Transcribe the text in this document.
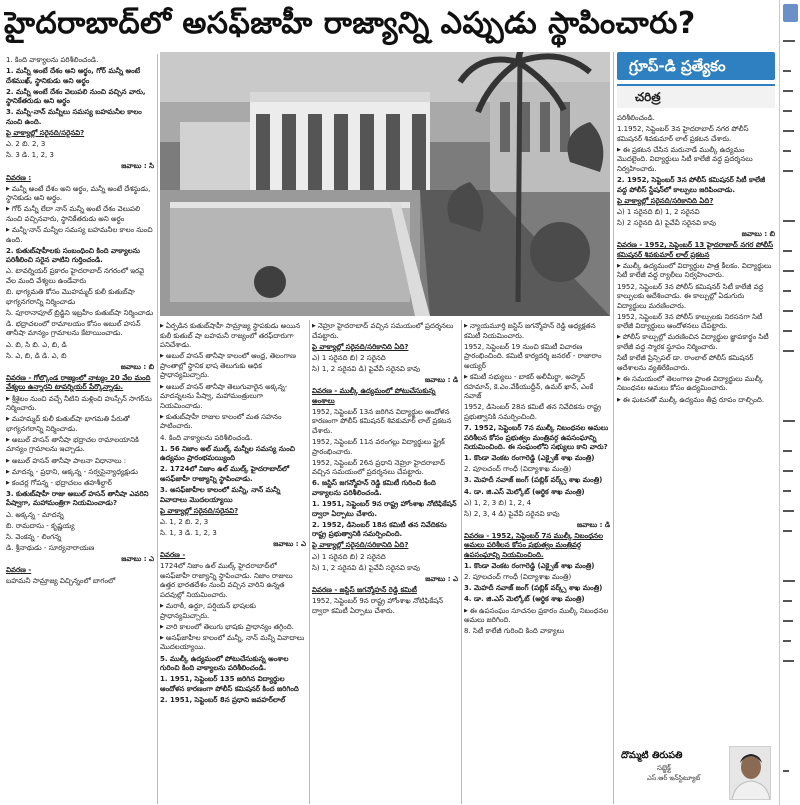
హైదరాబాద్‌లో అసఫ్‌జాహీ రాజ్యాన్ని ఎప్పుడు స్థాపించారు?

1. కింది వాక్యాలను పరిశీలించండి.

1. మన్నీ అంటే దేశం అని అర్థం, గోర్ మన్నీ అంటే దేశముఖ్, స్థానికుడు అని అర్థం

2. మన్నీ అంటే దేశం వెలుపలి నుంచి వచ్చిన వారు, స్థానికేతరుడు అని అర్థం

3. మన్నీ-నాన్ మన్నీలు సమస్య బహమనీల కాలం నుంచి ఉంది.

పై వాక్యాల్లో సరైనది/సరైనవి?

ఎ. 2 బి. 2, 3

సి. 3 డి. 1, 2, 3

జవాబు : సి

వివరణ :

▶ మన్నీ అంటే దేశం అని అర్థం, మన్నీ అంటే దేశస్థుడు, స్థానికుడు అని అర్థం.

▶ గోర్ మన్నీ లేదా నాన్ మన్నీ అంటే దేశం వెలుపలి నుంచి వచ్చినవారు, స్థానికేతరుడు అని అర్థం

▶ మన్నీ-నాన్ మన్నీల సమస్య బహమనీల కాలం నుంచి ఉంది.

2. కుతుబ్‌షాహీలకు సంబంధించి కింది వాక్యాలను పరిశీలించి సరైన వాటిని గుర్తించండి.

ఎ. టావర్నియర్ ప్రకారం హైదరాబాద్ నగరంలో ఇరవై వేల మంది వేశ్యలు ఉండేవారు

బి. భాగ్యమతి కోసం మొహమ్మద్ కులీ కుతుబ్‌షా భాగ్యనగరాన్ని నిర్మించాడు

సి. పూరానాపూల్ బ్రిడ్జిని ఇబ్రహీం కుతుబ్‌షా నిర్మించాడు

డి. భద్రాచలంలో రామాలయం కోసం అబుల్ హసన్ తానీషా మాన్యం గ్రామాలను కేటాయించాడు.

ఎ. బి, సి బి. ఎ, బి, డి

సి. ఎ, బి, డి డి. ఎ, బి

జవాబు : బి

వివరణ - గోల్కొండ రాజ్యంలో నాట్యం 20 వేల మంది వేశ్యలు ఉన్నారని టావర్నియర్ పేర్కొన్నాడు.

▶ శ్రీశైలం నుంచి వచ్చే నీటిని మళ్లించి హుస్సేన్ సాగర్‌ను నిర్మించారు.

▶ మహమ్మద్ కులీ కుతుబ్‌షా భాగమతి పేరుతో భాగ్యనగరాన్ని నిర్మించాడు.

▶ అబుల్ హసన్ తానీషా భద్రాచల రామాలయానికి మాన్యం గ్రామాలను ఇచ్చాడు.

▶ అబుల్ హసన్ తానీషా పాలనా విధానాలు :

▶ మాదన్న - ప్రధాని, అక్కన్న - సర్వసైన్యాధ్యక్షుడు

▶ కంచర్ల గోపన్న - భద్రాచలం తహశీల్దార్

3. కుతుబ్‌షాహీ రాజు అబుల్ హసన్ తానీషా ఎవరిని పేష్వాగా, మహామంత్రిగా నియమించాడు?

ఎ. అక్కన్న - మాదన్న

బి. రామదాసు - కృష్ణయ్య

సి. వెంకన్న - లింగన్న

డి. శ్రీనాథుడు - సూర్యనారాయణ

జవాబు : ఎ

వివరణ -

బహమనీ సామ్రాజ్య విచ్ఛిన్నంలో బాగంలో

గ్రూప్‌-డి ప్రత్యేకం
చరిత్ర

▶ ఏర్పడిన కుతుబ్‌షాహీ సామ్రాజ్య స్థాపకుడు అయిన కులీ కుతుబ్‌ షా బహమనీ రాజ్యంలో తరఫ్‌దారుగా పనిచేశాడు.

▶ అబుల్ హసన్ తానీషా కాలంలో ఆంధ్ర, తెలంగాణ ప్రాంతాల్లో స్థానిక భాష తెలుగుకు అధిక ప్రాధాన్యమిచ్చారు.

▶ అబుల్ హసన్ తానీషా తెలుగువారైన అక్కన్న-మాదన్నలను పేష్వా, మహామంత్రులుగా నియమించాడు.

▶ కుతుబ్‌షాహీ రాజుల కాలంలో మత సహనం పాటించారు.

4. కింది వాక్యాలను పరిశీలించండి.

1. 56 నిజాం అల్ ముల్క్ మన్నీల సమస్య నుంచి ఉద్యమం ప్రారంభమయ్యింది

2. 1724లో నిజాం ఉల్ ముల్క్ హైదరాబాద్‌లో అసఫ్‌జాహీ రాజ్యాన్ని స్థాపించాడు.

3. అసఫ్‌జాహీల కాలంలో మన్నీ, నాన్ మన్నీ వివాదాలు మొదలయ్యాయి

పై వాక్యాల్లో సరైనది/సరైనవి?

ఎ. 1, 2 బి. 2, 3

సి. 1, 3 డి. 1, 2, 3

జవాబు : ఎ

వివరణ -

1724లో నిజాం ఉల్ ముల్క్ హైదరాబాద్‌లో అసఫ్‌జాహీ రాజ్యాన్ని స్థాపించాడు. నిజాం రాజులు ఉత్తర భారతదేశం నుంచి వచ్చిన వారిని ఉన్నత పదవుల్లో నియమించారు.

▶ మరాఠీ, ఉర్దూ, పర్షియన్ భాషలకు ప్రాధాన్యమిచ్చారు.

▶ వారి కాలంలో తెలుగు భాషకు ప్రాధాన్యం తగ్గింది.

▶ అసఫ్‌జాహీల కాలంలో మన్నీ, నాన్ మన్నీ వివాదాలు మొదలయ్యాయి.

5. ముల్కీ ఉద్యమంలో పోటుచేసుకున్న అంశాల గురించి కింది వాక్యాలను పరిశీలించండి.

1. 1951, సెప్టెంబర్ 135 జరిగిన విద్యార్థుల ఆందోళన కారణంగా పోలీస్ కమిషనర్ కింద జరిగింది

2. 1951, సెప్టెంబర్ 8న ప్రధాని జవహర్‌లాల్

▶ నెహ్రూ హైదరాబాద్ వచ్చిన సమయంలో ప్రదర్శనలు చేపట్టారు.

పై వాక్యాల్లో సరైనది/సరికానిది ఏది?

ఎ) 1 సరైనది బి) 2 సరైనది

సి) 1, 2 సరైనవి డి) పైవేవీ సరైనవి కావు

జవాబు : డి

వివరణ - ముల్కీ ఉద్యమంలో పోటుచేసుకున్న అంశాలు

1952, సెప్టెంబర్ 13న జరిగిన విద్యార్థుల ఆందోళన కారణంగా పోలీస్ కమిషనర్ శివకుమార్ లాల్ ప్రకటన చేశారు.

1952, సెప్టెంబర్ 11న వరంగల్లు విద్యార్థులు స్ట్రైక్ ప్రారంభించారు.

1952, సెప్టెంబర్ 26న ప్రధాని నెహ్రూ హైదరాబాద్ వచ్చిన సమయంలో ప్రదర్శనలు చేపట్టారు.

6. జస్టిస్ జగన్మోహన్ రెడ్డి కమిటీ గురించి కింది వాక్యాలను పరిశీలించండి.

1. 1951, సెప్టెంబర్ 9న రాష్ట్ర హోంశాఖ నోటిఫికేషన్ ద్వారా ఏర్పాటు చేశారు.

2. 1952, డిసెంబర్ 18న కమిటీ తన నివేదికను రాష్ట్ర ప్రభుత్వానికి సమర్పించింది.

పై వాక్యాల్లో సరైనది/సరికానిది ఏది?

ఎ) 1 సరైనది బి) 2 సరైనది

సి) 1, 2 సరైనవి డి) పైవేవీ సరైనవి కావు

జవాబు : ఎ

వివరణ - జస్టిస్ జగన్మోహన్ రెడ్డి కమిటీ

1952, సెప్టెంబర్ 9న రాష్ట్ర హోంశాఖ నోటిఫికేషన్ ద్వారా కమిటీ ఏర్పాటు చేశారు.

▶ న్యాయమూర్తి జస్టిస్ జగన్మోహన్ రెడ్డి అధ్యక్షతన కమిటీ నియమించారు.

1952, సెప్టెంబర్ 19 నుంచి కమిటీ విచారణ ప్రారంభించింది. కమిటీ కార్యదర్శి జనరల్ - రాజారాం అయ్యర్

▶ కమిటీ సభ్యులు - బాకర్ అలీమీర్జా, అహ్మద్ రహమాన్, కె.ఎం.వేకీయుద్దీన్, ఉమర్ ఖాన్, ఎంకే నవాజ్

1952, డిసెంబర్ 28న కమిటీ తన నివేదికను రాష్ట్ర ప్రభుత్వానికి సమర్పించింది.

7. 1952, సెప్టెంబర్ 7న ముల్కీ నిబంధనల అమలు పరిశీలన కోసం ప్రభుత్వం మంత్రివర్గ ఉపసంఘాన్ని నియమించింది. ఈ సంఘంలోని సభ్యులు కాని వారు?

1. కొండా వెంకట రంగారెడ్డి (ఎక్సైజ్ శాఖ మంత్రి)

2. పూలచంద్ గాంధీ (విద్యాశాఖ మంత్రి)

3. మెహదీ నవాజ్ జంగ్ (పబ్లిక్ వర్క్స్ శాఖ మంత్రి)

4. డా. జి.ఎస్ మెల్కోట్ (ఆర్థిక శాఖ మంత్రి)

ఎ) 1, 2, 3 బి) 1, 2, 4

సి) 2, 3, 4 డి) పైవేవీ సరైనవి కావు

జవాబు : డి

వివరణ - 1952, సెప్టెంబర్ 7న ముల్కీ నిబంధనల అమలు పరిశీలన కోసం ప్రభుత్వం మంత్రివర్గ ఉపసంఘాన్ని నియమించింది.

1. కొండా వెంకట రంగారెడ్డి (ఎక్సైజ్ శాఖ మంత్రి)

2. పూలచంద్ గాంధీ (విద్యాశాఖ మంత్రి)

3. మెహదీ నవాజ్ జంగ్ (పబ్లిక్ వర్క్స్ శాఖ మంత్రి)

4. డా. జి.ఎస్ మెల్కోట్ (ఆర్థిక శాఖ మంత్రి)

▶ ఈ ఉపసంఘం సూచనల ప్రకారం ముల్కీ నిబంధనల అమలు జరిగింది.

8. సిటీ కాలేజీ గురించి కింది వాక్యాలు

పరిశీలించండి.

1.1952, సెప్టెంబర్ 3న హైదరాబాద్ నగర పోలీస్ కమిషనర్ శివకుమార్ లాల్ ప్రకటన చేశారు.

▶ ఈ ప్రకటన చేసిన మరునాడే ముల్కీ ఉద్యమం మొదలైంది. విద్యార్థులు సిటీ కాలేజీ వద్ద ప్రదర్శనలు నిర్వహించారు.

2. 1952, సెప్టెంబర్ 3న పోలీస్ కమిషనర్ సిటీ కాలేజీ వద్ద పోలీస్ స్టేషన్‌లో కాల్పులు జరిపించాడు.

పై వాక్యాల్లో సరైనది/సరికానిది ఏది?

ఎ) 1 సరైనది బి) 1, 2 సరైనవి

సి) 2 సరైనది డి) పైవేవీ సరైనవి కావు

జవాబు : బి

వివరణ - 1952, సెప్టెంబర్ 13 హైదరాబాద్ నగర పోలీస్ కమిషనర్ శివకుమార్ లాల్ ప్రకటన

▶ ముల్కీ ఉద్యమంలో విద్యార్థుల పాత్ర కీలకం. విద్యార్థులు సిటీ కాలేజీ వద్ద ర్యాలీలు నిర్వహించారు.

1952, సెప్టెంబర్ 3న పోలీస్ కమిషనర్ సిటీ కాలేజీ వద్ద కాల్పులకు ఆదేశించాడు. ఈ కాల్పుల్లో ఏడుగురు విద్యార్థులు మరణించారు.

1952, సెప్టెంబర్ 3న పోలీస్ కాల్పులకు నిరసనగా సిటీ కాలేజీ విద్యార్థులు ఆందోళనలు చేపట్టారు.

▶ పోలీస్ కాల్పుల్లో మరణించిన విద్యార్థుల జ్ఞాపకార్థం సిటీ కాలేజీ వద్ద స్మారక స్థూపం నిర్మించారు.

సిటీ కాలేజీ ప్రిన్సిపల్ డా. రాంలాల్ పోలీస్ కమిషనర్ ఆదేశాలను వ్యతిరేకించారు.

▶ ఈ సమయంలో తెలంగాణ ప్రాంత విద్యార్థులు ముల్కీ నిబంధనల అమలు కోసం ఉద్యమించారు.

▶ ఈ ఘటనతో ముల్కీ ఉద్యమం తీవ్ర రూపం దాల్చింది.

దొమ్మటి తిరుపతి
సబ్జెక్ట్
ఎస్‌.ఆర్‌ ఇన్‌స్టిట్యూట్
